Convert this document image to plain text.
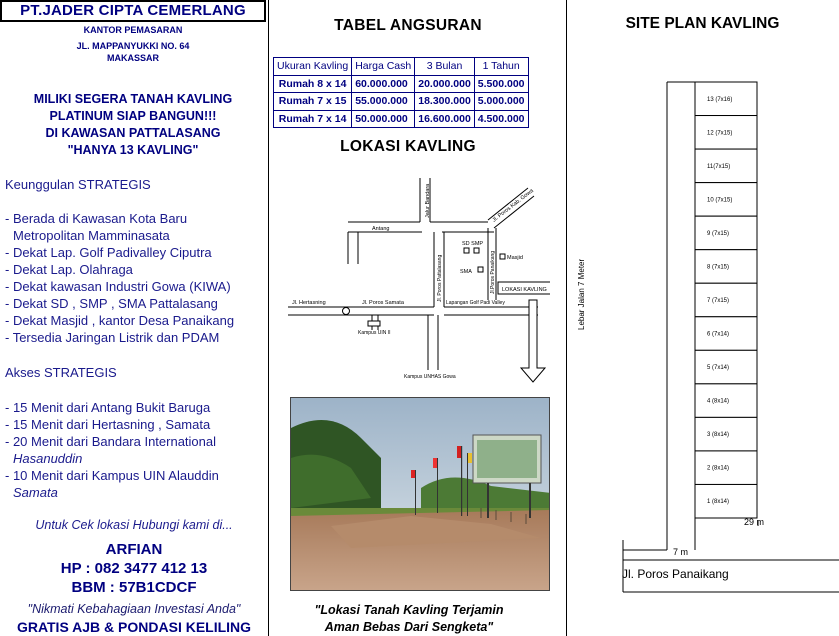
PT.JADER CIPTA CEMERLANG
KANTOR PEMASARAN
JL. MAPPANYUKKI NO. 64
MAKASSAR
MILIKI SEGERA TANAH KAVLING
PLATINUM SIAP BANGUN!!!
DI KAWASAN PATTALASANG
"HANYA 13 KAVLING"
Keunggulan STRATEGIS
- Berada di Kawasan Kota Baru
Metropolitan Mamminasata
- Dekat Lap. Golf Padivalley Ciputra
- Dekat Lap. Olahraga
- Dekat kawasan Industri Gowa (KIWA)
- Dekat SD , SMP , SMA Pattalasang
- Dekat Masjid , kantor Desa Panaikang
- Tersedia Jaringan Listrik dan PDAM
Akses STRATEGIS
- 15 Menit dari Antang Bukit Baruga
- 15 Menit dari Hertasning , Samata
- 20 Menit dari Bandara International
Hasanuddin
- 10 Menit dari Kampus UIN Alauddin
Samata
Untuk Cek lokasi Hubungi kami di...
ARFIAN
HP : 082 3477 412 13
BBM : 57B1CDCF
"Nikmati Kebahagiaan Investasi Anda"
GRATIS AJB & PONDASI KELILING
TABEL ANGSURAN
Ukuran Kavling	Harga Cash	3 Bulan	1 Tahun
Rumah 8 x 14	60.000.000	20.000.000	5.500.000
Rumah 7 x 15	55.000.000	18.300.000	5.000.000
Rumah 7 x 14	50.000.000	16.600.000	4.500.000
LOKASI KAVLING
Jalur Bandara
Antang
Jl. Poros Kab. Gowa
SD SMP
Masjid
SMA	Jl.Poros Panaikang LOKASI KAVLING
Jl. Poros Pattalasang
Jl. Hertasning	Jl. Poros Samata	Lapangan Golf Padi Valley
Kampus UIN II
Kampus UNHAS Gowa
"Lokasi Tanah Kavling Terjamin
Aman Bebas Dari Sengketa"
SITE PLAN KAVLING
13 (7x16)
12 (7x15)
11(7x15)
10 (7x15)
9 (7x15)
8 (7x15)
7 (7x15)
6 (7x14)
5 (7x14)
4 (8x14)
3 (8x14)
2 (8x14)
1 (8x14)
Lebar Jalan 7 Meter
29 m
7 m
Jl. Poros Panaikang
